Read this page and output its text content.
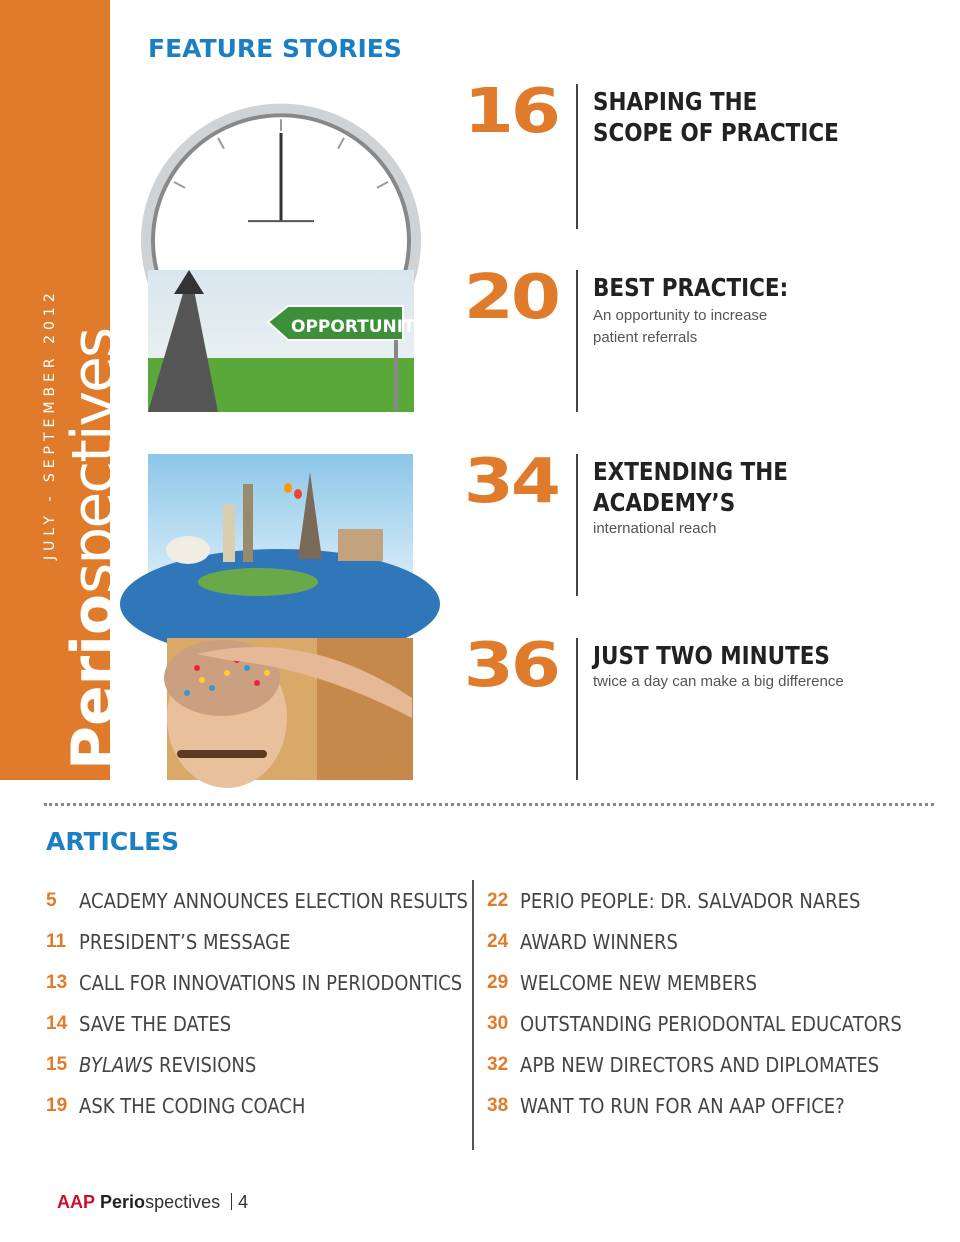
JULY - SEPTEMBER 2012
Periospectives
FEATURE STORIES
16 SHAPING THE
SCOPE OF PRACTICE
OPPORTUNITY 20 BEST PRACTICE:
An opportunity to increase
patient referrals
34 EXTENDING THE
ACADEMY’S
international reach
36 JUST TWO MINUTES
twice a day can make a big difference
ARTICLES
5	ACADEMY ANNOUNCES ELECTION RESULTS
11 PRESIDENT’S MESSAGE
13 CALL FOR INNOVATIONS IN PERIODONTICS
14 SAVE THE DATES
15 BYLAWS REVISIONS
19 ASK THE CODING COACH
22 PERIO PEOPLE: DR. SALVADOR NARES
24 AWARD WINNERS
29 WELCOME NEW MEMBERS
30 OUTSTANDING PERIODONTAL EDUCATORS
32 APB NEW DIRECTORS AND DIPLOMATES
38 WANT TO RUN FOR AN AAP OFFICE?
AAP Periospectives 4
